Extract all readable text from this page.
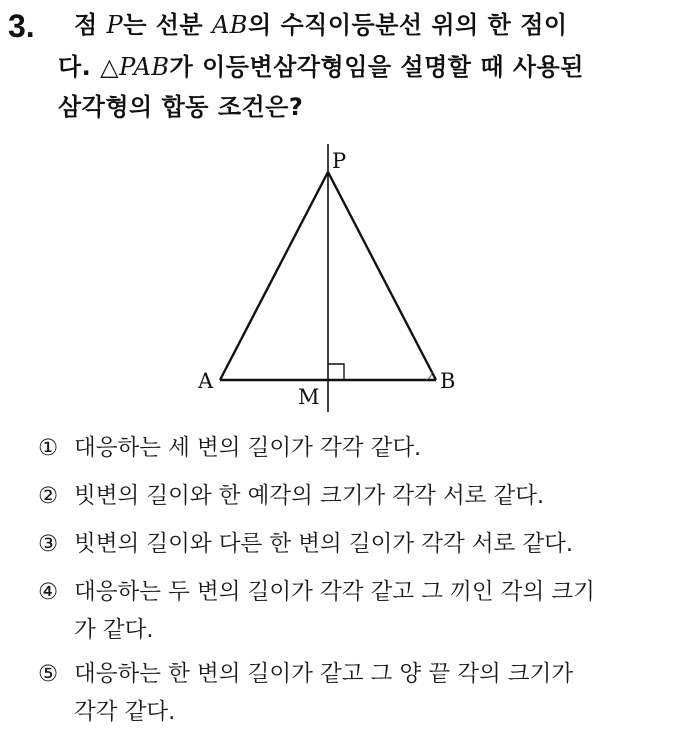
3. 점 P는 선분 AB의 수직이등분선 위의 한 점이
다. △PAB가 이등변삼각형임을 설명할 때 사용된
삼각형의 합동 조건은?
P
A	B
M
① 대응하는 세 변의 길이가 각각 같다.
② 빗변의 길이와 한 예각의 크기가 각각 서로 같다.
③ 빗변의 길이와 다른 한 변의 길이가 각각 서로 같다.
④ 대응하는 두 변의 길이가 각각 같고 그 끼인 각의 크기
가 같다.
⑤ 대응하는 한 변의 길이가 같고 그 양 끝 각의 크기가
각각 같다.
